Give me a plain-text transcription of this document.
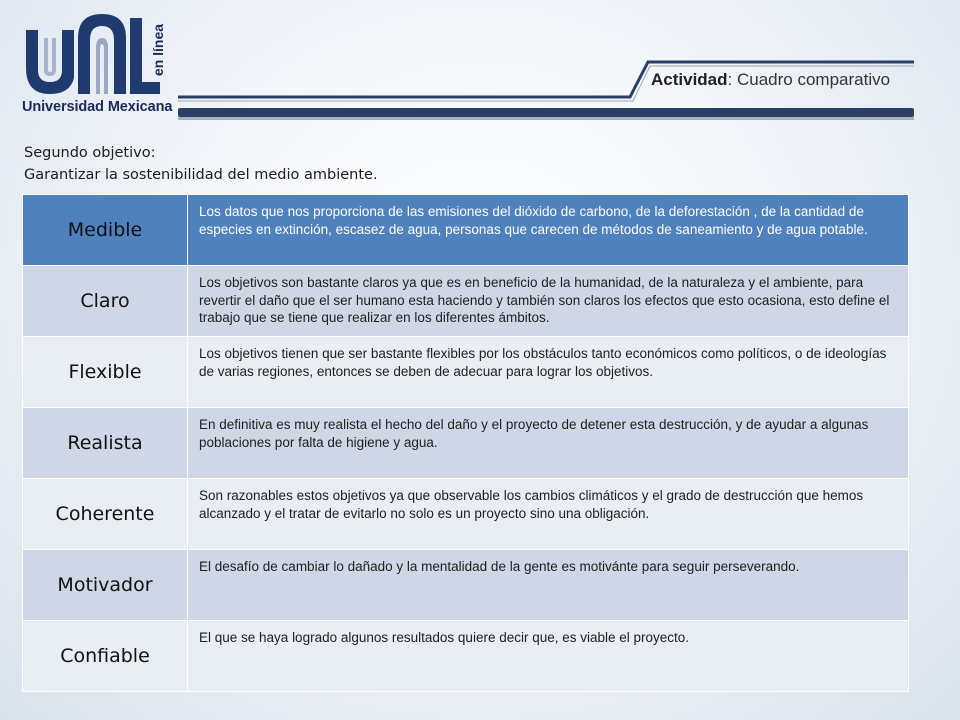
en línea
Universidad Mexicana
Actividad: Cuadro comparativo
Segundo objetivo:
Garantizar la sostenibilidad del medio ambiente.
Medible	Los datos que nos proporciona de las emisiones del dióxido de carbono, de la deforestación , de la cantidad de especies en extinción, escasez de agua, personas que carecen de métodos de saneamiento y de agua potable.
Claro	Los objetivos son bastante claros ya que es en beneficio de la humanidad, de la naturaleza y el ambiente, para revertir el daño que el ser humano esta haciendo y también son claros los efectos que esto ocasiona, esto define el trabajo que se tiene que realizar en los diferentes ámbitos.
Flexible	Los objetivos tienen que ser bastante flexibles por los obstáculos tanto económicos como políticos, o de ideologías de varias regiones, entonces se deben de adecuar para lograr los objetivos.
Realista	En definitiva es muy realista el hecho del daño y el proyecto de detener esta destrucción, y de ayudar a algunas poblaciones por falta de higiene y agua.
Coherente	Son razonables estos objetivos ya que observable los cambios climáticos y el grado de destrucción que hemos alcanzado y el tratar de evitarlo no solo es un proyecto sino una obligación.
Motivador	El desafío de cambiar lo dañado y la mentalidad de la gente es motivánte para seguir perseverando.
Confiable	El que se haya logrado algunos resultados quiere decir que, es viable el proyecto.
